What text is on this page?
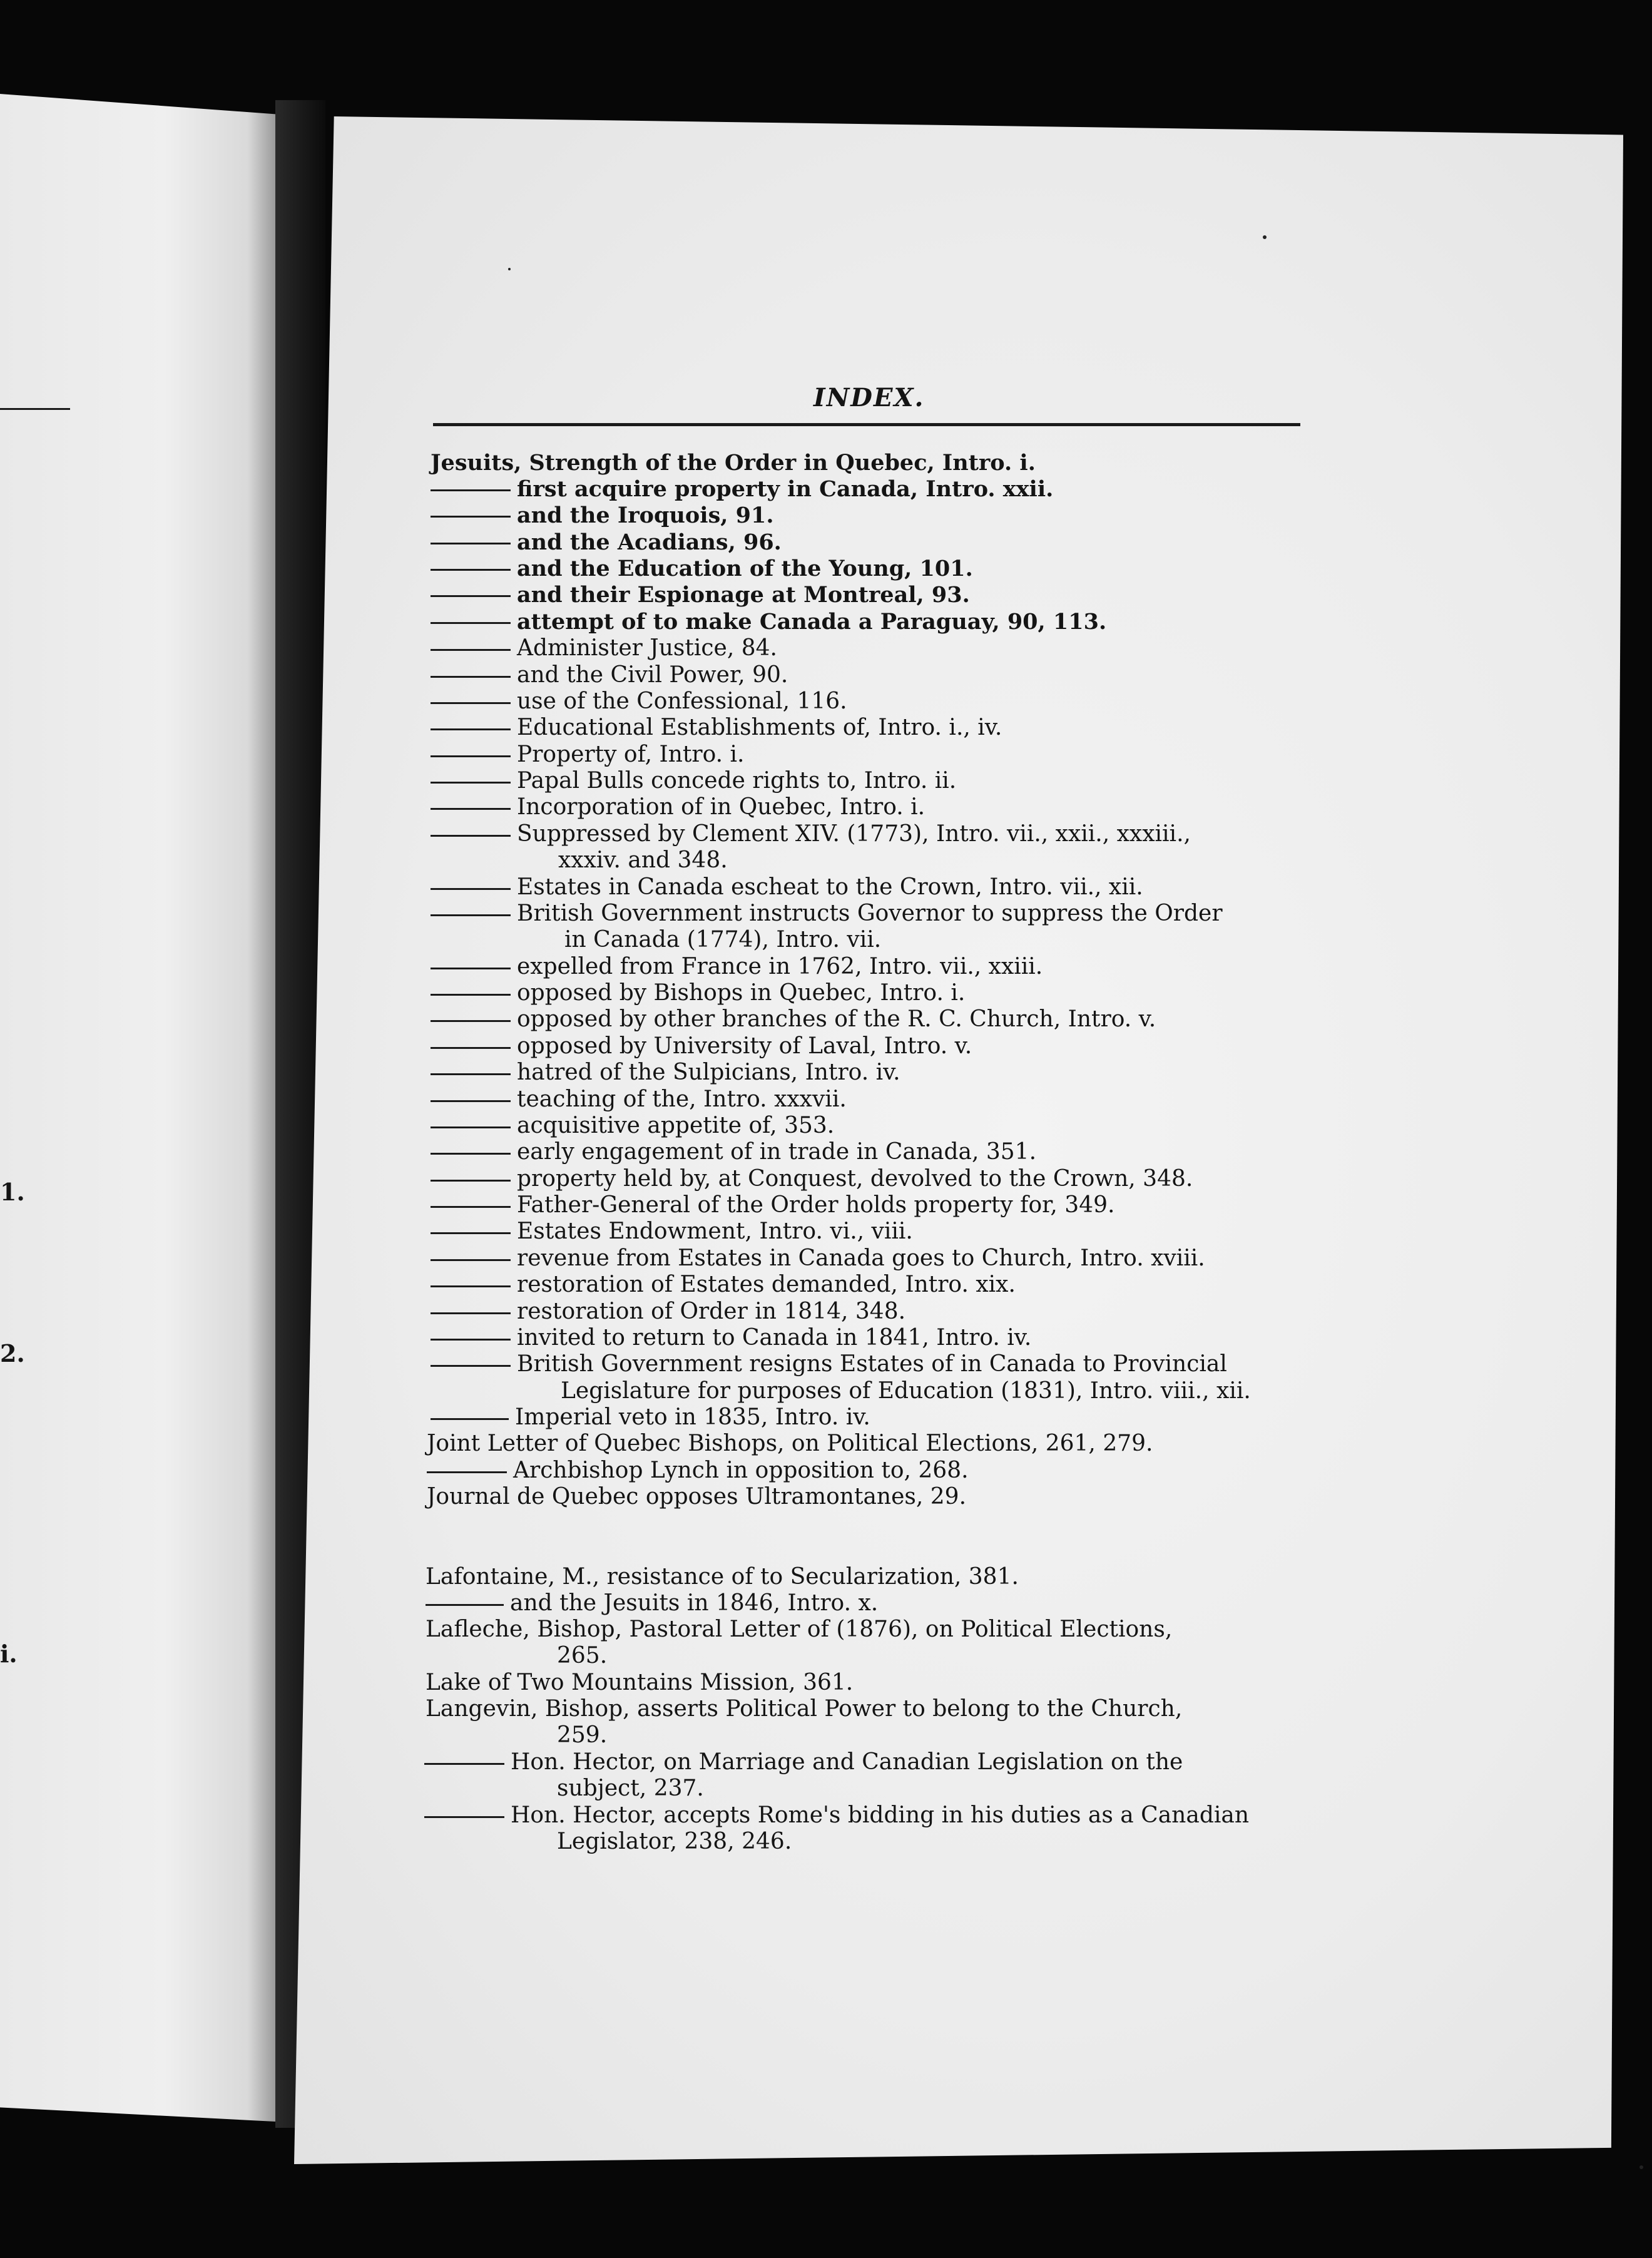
1.
2.
i.
INDEX.
Jesuits, Strength of the Order in Quebec, Intro. i.
first acquire property in Canada, Intro. xxii.
and the Iroquois, 91.
and the Acadians, 96.
and the Education of the Young, 101.
and their Espionage at Montreal, 93.
attempt of to make Canada a Paraguay, 90, 113.
Administer Justice, 84.
and the Civil Power, 90.
use of the Confessional, 116.
Educational Establishments of, Intro. i., iv.
Property of, Intro. i.
Papal Bulls concede rights to, Intro. ii.
Incorporation of in Quebec, Intro. i.
Suppressed by Clement XIV. (1773), Intro. vii., xxii., xxxiii.,
xxxiv. and 348.
Estates in Canada escheat to the Crown, Intro. vii., xii.
British Government instructs Governor to suppress the Order
in Canada (1774), Intro. vii.
expelled from France in 1762, Intro. vii., xxiii.
opposed by Bishops in Quebec, Intro. i.
opposed by other branches of the R. C. Church, Intro. v.
opposed by University of Laval, Intro. v.
hatred of the Sulpicians, Intro. iv.
teaching of the, Intro. xxxvii.
acquisitive appetite of, 353.
early engagement of in trade in Canada, 351.
property held by, at Conquest, devolved to the Crown, 348.
Father-General of the Order holds property for, 349.
Estates Endowment, Intro. vi., viii.
revenue from Estates in Canada goes to Church, Intro. xviii.
restoration of Estates demanded, Intro. xix.
restoration of Order in 1814, 348.
invited to return to Canada in 1841, Intro. iv.
British Government resigns Estates of in Canada to Provincial
Legislature for purposes of Education (1831), Intro. viii., xii.
Imperial veto in 1835, Intro. iv.
Joint Letter of Quebec Bishops, on Political Elections, 261, 279.
Archbishop Lynch in opposition to, 268.
Journal de Quebec opposes Ultramontanes, 29.
Lafontaine, M., resistance of to Secularization, 381.
and the Jesuits in 1846, Intro. x.
Lafleche, Bishop, Pastoral Letter of (1876), on Political Elections,
265.
Lake of Two Mountains Mission, 361.
Langevin, Bishop, asserts Political Power to belong to the Church,
259.
Hon. Hector, on Marriage and Canadian Legislation on the
subject, 237.
Hon. Hector, accepts Rome's bidding in his duties as a Canadian
Legislator, 238, 246.
